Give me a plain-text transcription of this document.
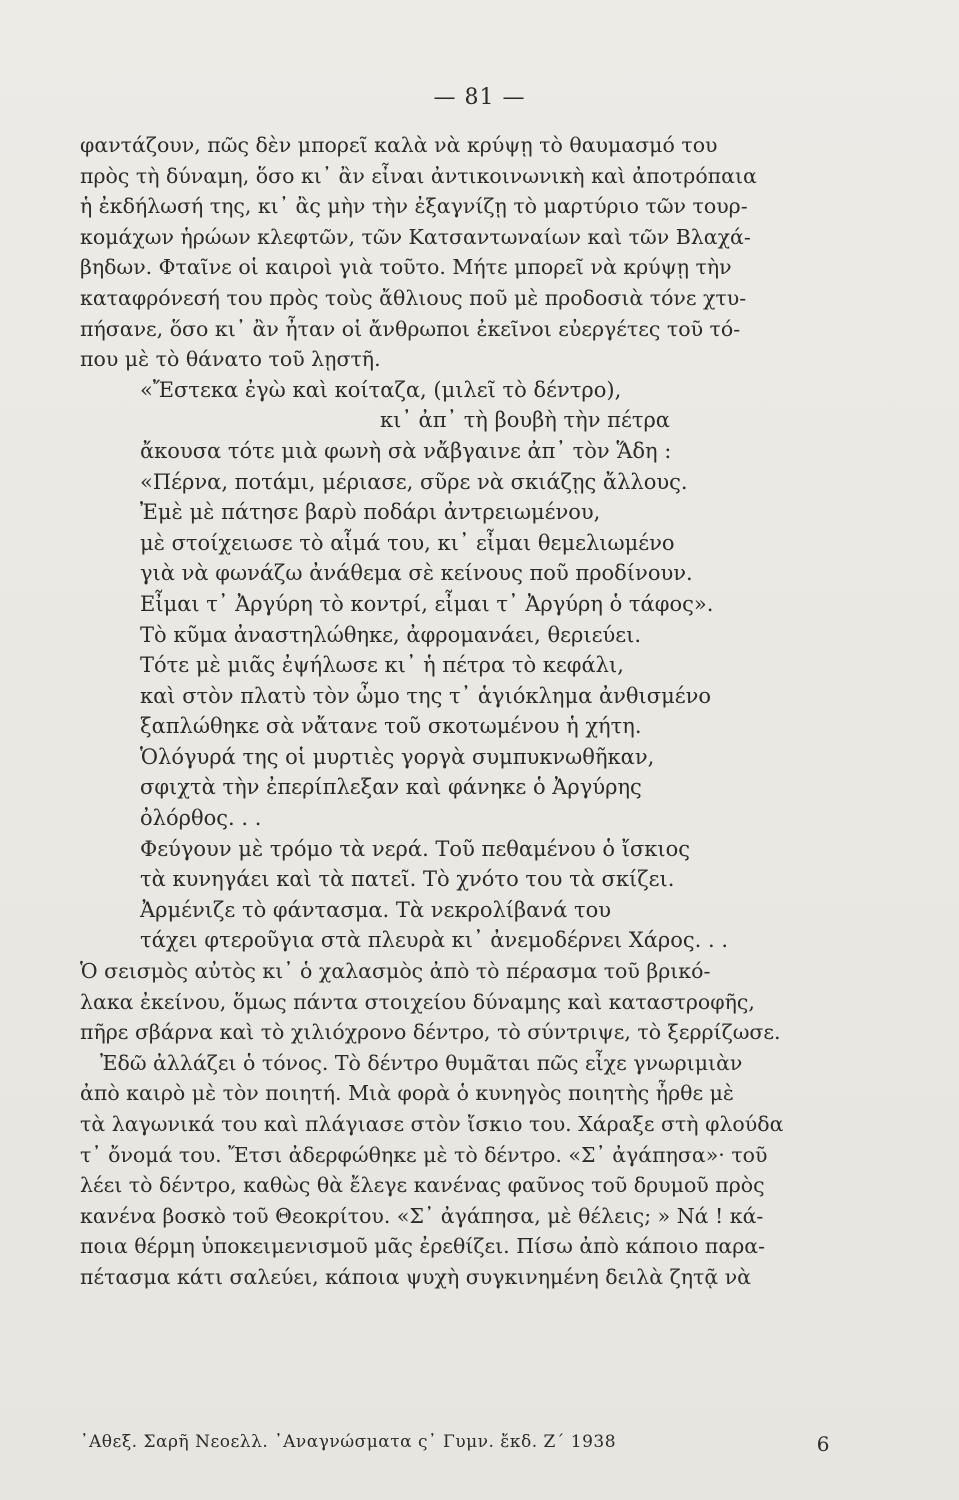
— 81 —
φαντάζουν, πῶς δὲν μπορεῖ καλὰ νὰ κρύψῃ τὸ θαυμασμό του
πρὸς τὴ δύναμη, ὅσο κι᾽ ἂν εἶναι ἀντικοινωνικὴ καὶ ἀποτρόπαια
ἡ ἐκδήλωσή της, κι᾽ ἂς μὴν τὴν ἐξαγνίζῃ τὸ μαρτύριο τῶν τουρ-
κομάχων ἡρώων κλεφτῶν, τῶν Κατσαντωναίων καὶ τῶν Βλαχά-
βηδων. Φταῖνε οἱ καιροὶ γιὰ τοῦτο. Μήτε μπορεῖ νὰ κρύψῃ τὴν
καταφρόνεσή του πρὸς τοὺς ἄθλιους ποῦ μὲ προδοσιὰ τόνε χτυ-
πήσανε, ὅσο κι᾽ ἂν ἦταν οἱ ἄνθρωποι ἐκεῖνοι εὐεργέτες τοῦ τό-
που μὲ τὸ θάνατο τοῦ λῃστῆ.
«Ἔστεκα ἐγὼ καὶ κοίταζα, (μιλεῖ τὸ δέντρο),
κι᾽ ἀπ᾽ τὴ βουβὴ τὴν πέτρα
ἄκουσα τότε μιὰ φωνὴ σὰ νἄβγαινε ἀπ᾽ τὸν Ἅδη :
«Πέρνα, ποτάμι, μέριασε, σῦρε νὰ σκιάζῃς ἄλλους.
Ἐμὲ μὲ πάτησε βαρὺ ποδάρι ἀντρειωμένου,
μὲ στοίχειωσε τὸ αἷμά του, κι᾽ εἶμαι θεμελιωμένο
γιὰ νὰ φωνάζω ἀνάθεμα σὲ κείνους ποῦ προδίνουν.
Εἶμαι τ᾽ Ἀργύρη τὸ κοντρί, εἶμαι τ᾽ Ἀργύρη ὁ τάφος».
Τὸ κῦμα ἀναστηλώθηκε, ἀφρομανάει, θεριεύει.
Τότε μὲ μιᾶς ἐψήλωσε κι᾽ ἡ πέτρα τὸ κεφάλι,
καὶ στὸν πλατὺ τὸν ὦμο της τ᾽ ἁγιόκλημα ἀνθισμένο
ξαπλώθηκε σὰ νἄτανε τοῦ σκοτωμένου ἡ χήτη.
Ὁλόγυρά της οἱ μυρτιὲς γοργὰ συμπυκνωθῆκαν,
σφιχτὰ τὴν ἐπερίπλεξαν καὶ φάνηκε ὁ Ἀργύρης
ὀλόρθος. . .
Φεύγουν μὲ τρόμο τὰ νερά. Τοῦ πεθαμένου ὁ ἴσκιος
τὰ κυνηγάει καὶ τὰ πατεῖ. Τὸ χνότο του τὰ σκίζει.
Ἀρμένιζε τὸ φάντασμα. Τὰ νεκρολίβανά του
τάχει φτεροῦγια στὰ πλευρὰ κι᾽ ἀνεμοδέρνει Χάρος. . .
Ὁ σεισμὸς αὐτὸς κι᾽ ὁ χαλασμὸς ἀπὸ τὸ πέρασμα τοῦ βρικό-
λακα ἐκείνου, ὅμως πάντα στοιχείου δύναμης καὶ καταστροφῆς,
πῆρε σβάρνα καὶ τὸ χιλιόχρονο δέντρο, τὸ σύντριψε, τὸ ξερρίζωσε.
Ἐδῶ ἀλλάζει ὁ τόνος. Τὸ δέντρο θυμᾶται πῶς εἶχε γνωριμιὰν
ἀπὸ καιρὸ μὲ τὸν ποιητή. Μιὰ φορὰ ὁ κυνηγὸς ποιητὴς ἦρθε μὲ
τὰ λαγωνικά του καὶ πλάγιασε στὸν ἴσκιο του. Χάραξε στὴ φλούδα
τ᾽ ὄνομά του. Ἔτσι ἀδερφώθηκε μὲ τὸ δέντρο. «Σ᾽ ἀγάπησα»· τοῦ
λέει τὸ δέντρο, καθὼς θὰ ἔλεγε κανένας φαῦνος τοῦ δρυμοῦ πρὸς
κανένα βοσκὸ τοῦ Θεοκρίτου. «Σ᾽ ἀγάπησα, μὲ θέλεις; » Νά ! κά-
ποια θέρμη ὑποκειμενισμοῦ μᾶς ἐρεθίζει. Πίσω ἀπὸ κάποιο παρα-
πέτασμα κάτι σαλεύει, κάποια ψυχὴ συγκινημένη δειλὰ ζητᾷ νὰ
᾽Αθεξ. Σαρῆ Νεοελλ. ᾽Αναγνώσματα ς᾽ Γυμν. ἔκδ. Ζ΄ 1938	6
